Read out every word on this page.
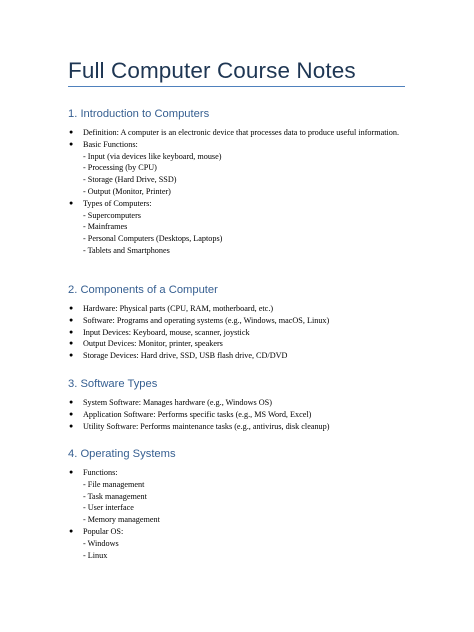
Full Computer Course Notes
1. Introduction to Computers
● Definition: A computer is an electronic device that processes data to produce useful information.
● Basic Functions:
- Input (via devices like keyboard, mouse)
- Processing (by CPU)
- Storage (Hard Drive, SSD)
- Output (Monitor, Printer)
● Types of Computers:
- Supercomputers
- Mainframes
- Personal Computers (Desktops, Laptops)
- Tablets and Smartphones
2. Components of a Computer
● Hardware: Physical parts (CPU, RAM, motherboard, etc.)
● Software: Programs and operating systems (e.g., Windows, macOS, Linux)
● Input Devices: Keyboard, mouse, scanner, joystick
● Output Devices: Monitor, printer, speakers
● Storage Devices: Hard drive, SSD, USB flash drive, CD/DVD
3. Software Types
● System Software: Manages hardware (e.g., Windows OS)
● Application Software: Performs specific tasks (e.g., MS Word, Excel)
● Utility Software: Performs maintenance tasks (e.g., antivirus, disk cleanup)
4. Operating Systems
● Functions:
- File management
- Task management
- User interface
- Memory management
● Popular OS:
- Windows
- Linux
